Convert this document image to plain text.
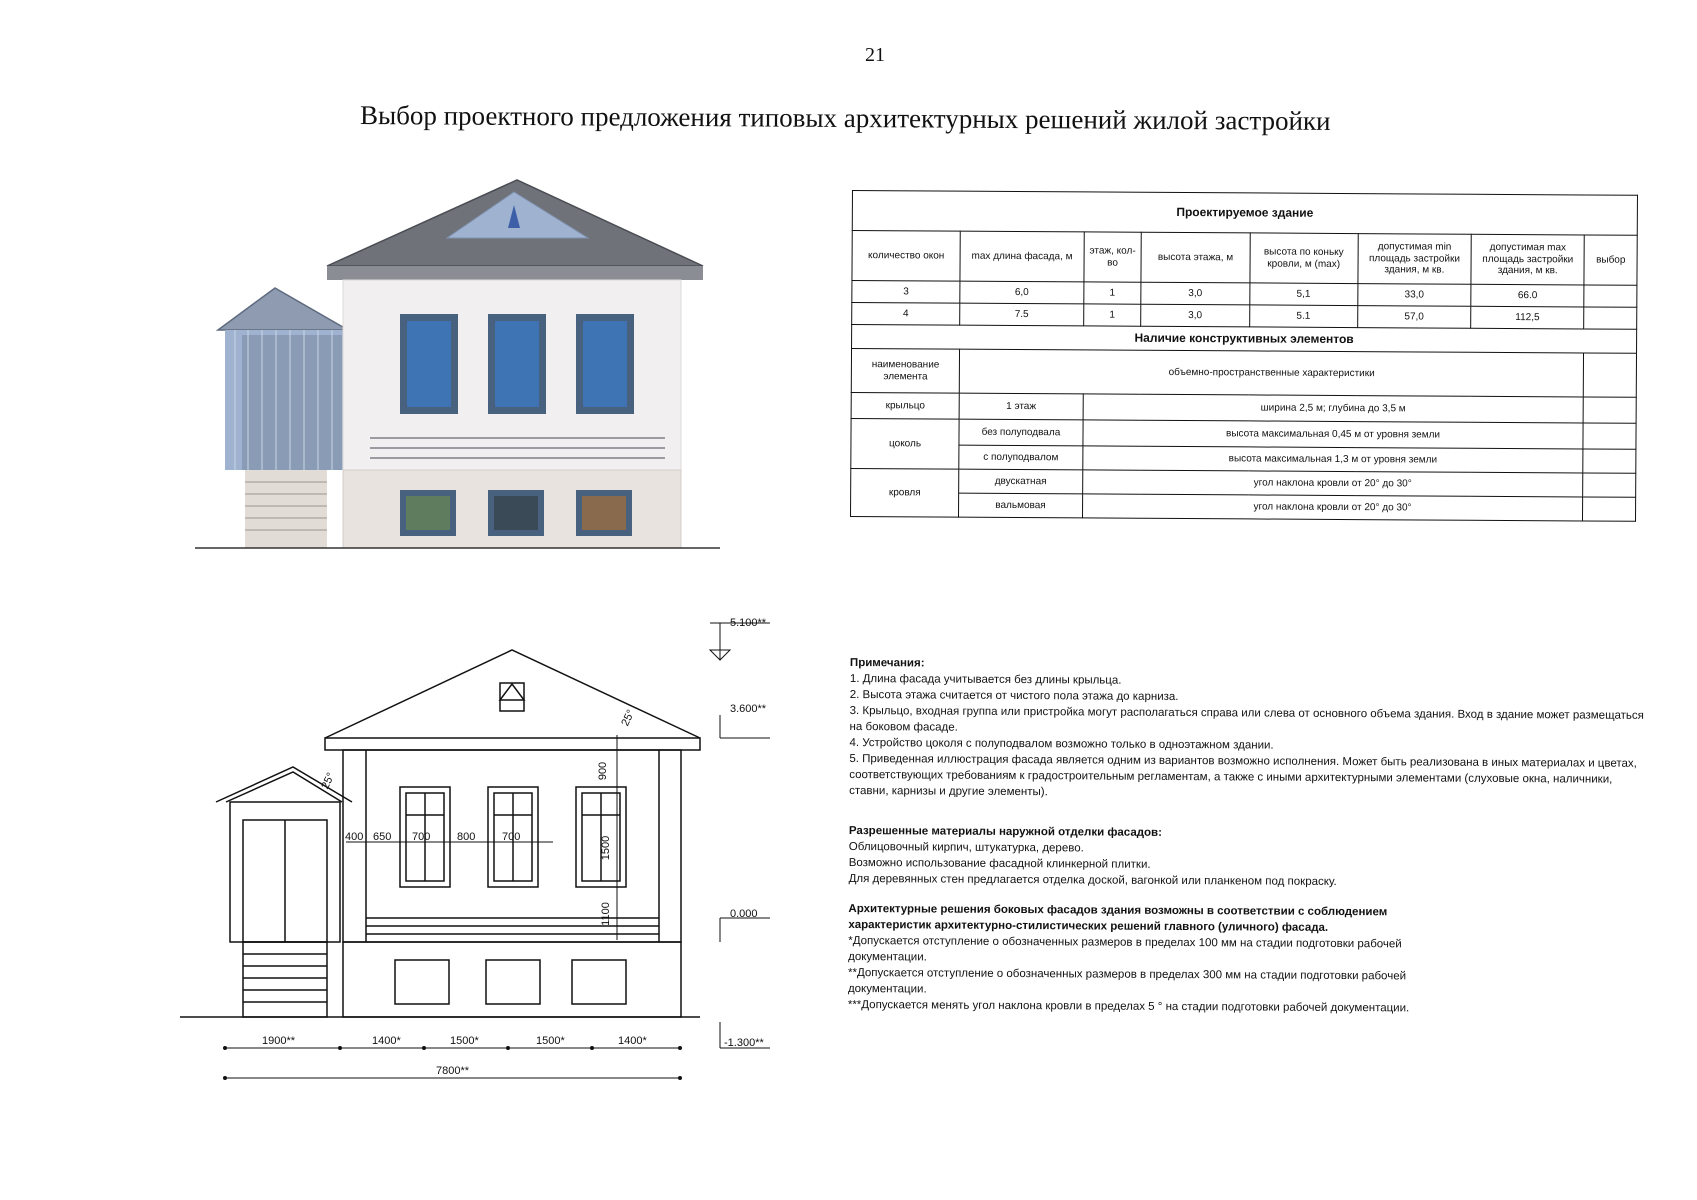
21
Выбор проектного предложения типовых архитектурных решений жилой застройки
5.100**
3.600**
0.000
-1.300**
25°
25°	900
1500
1100
400 650 700 800 700
1900**	1400*	1500*	1500*	1400*
7800**
Проектируемое здание							
количество окон	max длина фасада, м	этаж, кол-во	высота этажа, м	высота по коньку кровли, м (max)	допустимая min площадь застройки здания, м кв.	допустимая max площадь застройки здания, м кв.	выбор
3	6,0	1	3,0	5,1	33,0	66.0	
4	7.5	1	3,0	5.1	57,0	112,5	
Наличие конструктивных элементов							
наименование элемента	объемно-пространственные характеристики						
крыльцо	1 этаж	ширина 2,5 м; глубина до 3,5 м					
цоколь	без полуподвала	высота максимальная 0,45 м от уровня земли					
	с полуподвалом	высота максимальная 1,3 м от уровня земли					
кровля	двускатная	угол наклона кровли от 20° до 30°					
	вальмовая	угол наклона кровли от 20° до 30°					

Примечания:

1. Длина фасада учитывается без длины крыльца.

2. Высота этажа считается от чистого пола этажа до карниза.

3. Крыльцо, входная группа или пристройка могут располагаться справа или слева от основного объема здания. Вход в здание может размещаться на боковом фасаде.

4. Устройство цоколя с полуподвалом возможно только в одноэтажном здании.

5. Приведенная иллюстрация фасада является одним из вариантов возможно исполнения. Может быть реализована в иных материалах и цветах, соответствующих требованиям к градостроительным регламентам, а также с иными архитектурными элементами (слуховые окна, наличники, ставни, карнизы и другие элементы).

Разрешенные материалы наружной отделки фасадов:

Облицовочный кирпич, штукатурка, дерево.

Возможно использование фасадной клинкерной плитки.

Для деревянных стен предлагается отделка доской, вагонкой или планкеном под покраску.

Архитектурные решения боковых фасадов здания возможны в соответствии с соблюдением характеристик архитектурно-стилистических решений главного (уличного) фасада.

*Допускается отступление о обозначенных размеров в пределах 100 мм на стадии подготовки рабочей документации.

**Допускается отступление о обозначенных размеров в пределах 300 мм на стадии подготовки рабочей документации.

***Допускается менять угол наклона кровли в пределах 5 ° на стадии подготовки рабочей документации.
